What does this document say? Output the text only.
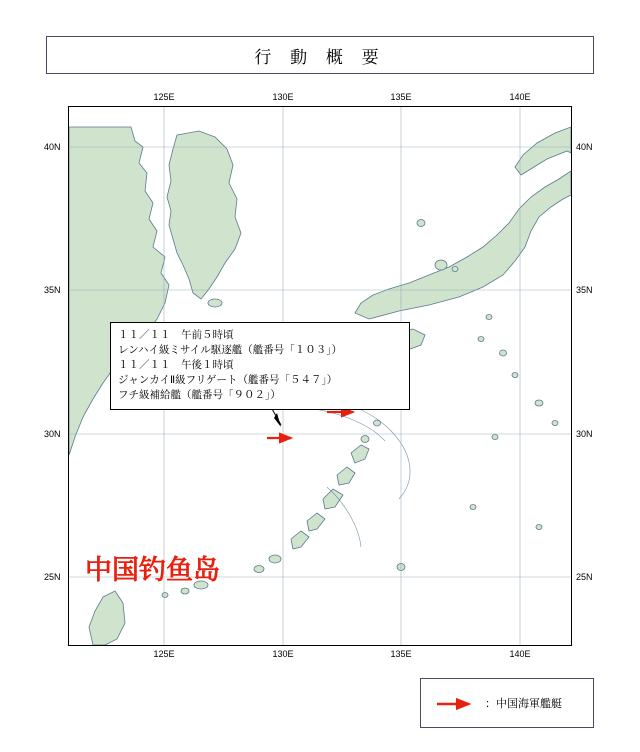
行 動 概 要
125E	130E	135E	140E
125E	130E	135E	140E
40N
35N
30N
25N
40N
35N
30N
25N
１１／１１　午前５時頃
レンハイ級ミサイル駆逐艦（艦番号「１０３」）
１１／１１　午後１時頃
ジャンカイⅡ級フリゲート（艦番号「５４７」）
フチ級補給艦（艦番号「９０２」）
中国钓鱼岛
：中国海軍艦艇
